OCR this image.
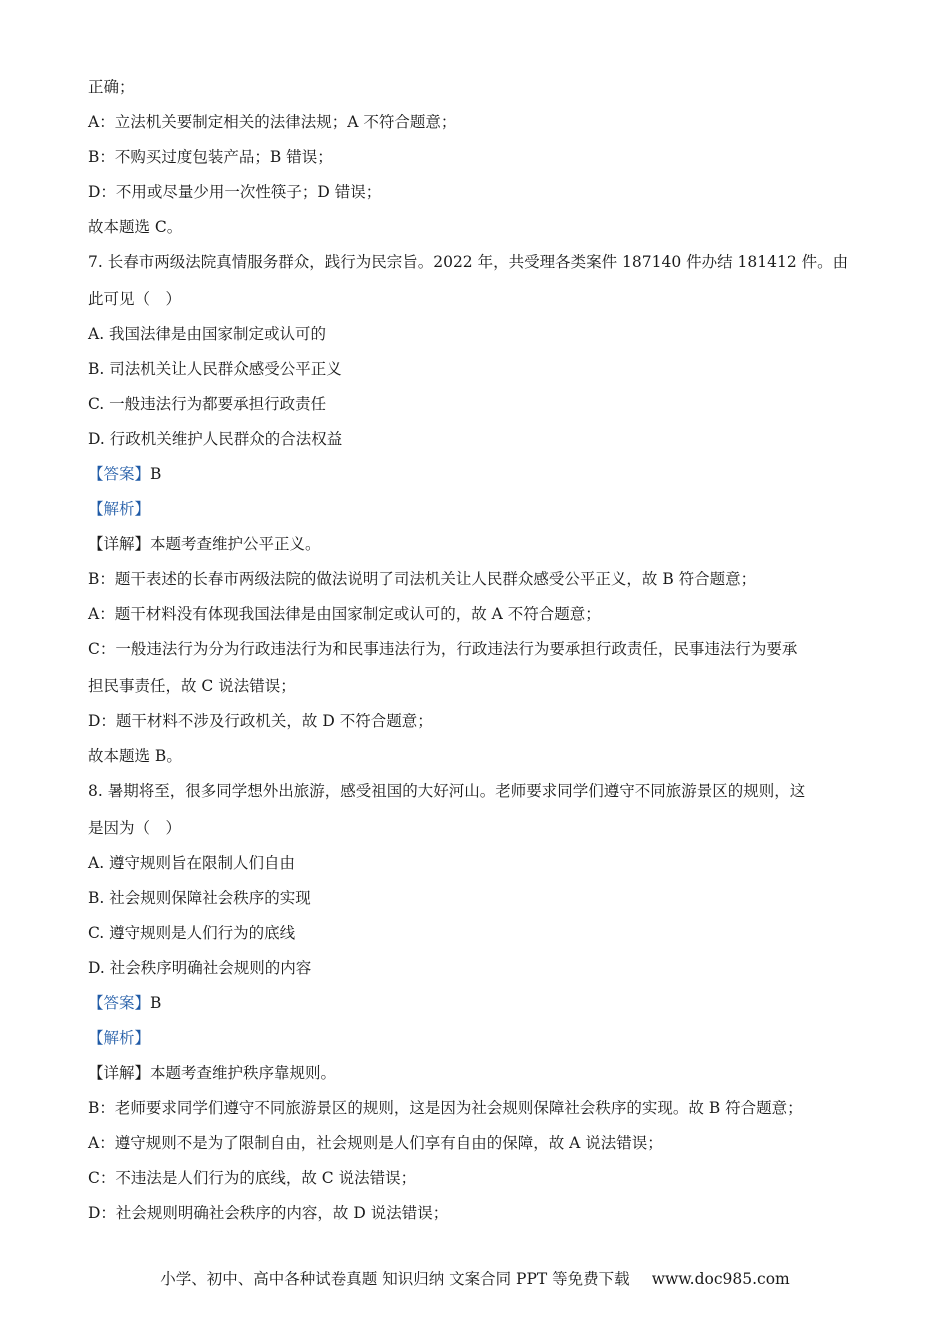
正确；
A：立法机关要制定相关的法律法规；A 不符合题意；
B：不购买过度包装产品；B 错误；
D：不用或尽量少用一次性筷子；D 错误；
故本题选 C。
7. 长春市两级法院真情服务群众，践行为民宗旨。2022 年，共受理各类案件 187140 件办结 181412 件。由
此可见（　）
A. 我国法律是由国家制定或认可的
B. 司法机关让人民群众感受公平正义
C. 一般违法行为都要承担行政责任
D. 行政机关维护人民群众的合法权益
【答案】B
【解析】
【详解】本题考查维护公平正义。
B：题干表述的长春市两级法院的做法说明了司法机关让人民群众感受公平正义，故 B 符合题意；
A：题干材料没有体现我国法律是由国家制定或认可的，故 A 不符合题意；
C：一般违法行为分为行政违法行为和民事违法行为，行政违法行为要承担行政责任，民事违法行为要承
担民事责任，故 C 说法错误；
D：题干材料不涉及行政机关，故 D 不符合题意；
故本题选 B。
8. 暑期将至，很多同学想外出旅游，感受祖国的大好河山。老师要求同学们遵守不同旅游景区的规则，这
是因为（　）
A. 遵守规则旨在限制人们自由
B. 社会规则保障社会秩序的实现
C. 遵守规则是人们行为的底线
D. 社会秩序明确社会规则的内容
【答案】B
【解析】
【详解】本题考查维护秩序靠规则。
B：老师要求同学们遵守不同旅游景区的规则，这是因为社会规则保障社会秩序的实现。故 B 符合题意；
A：遵守规则不是为了限制自由，社会规则是人们享有自由的保障，故 A 说法错误；
C：不违法是人们行为的底线，故 C 说法错误；
D：社会规则明确社会秩序的内容，故 D 说法错误；
小学、初中、高中各种试卷真题 知识归纳 文案合同 PPT 等免费下载 www.doc985.com
